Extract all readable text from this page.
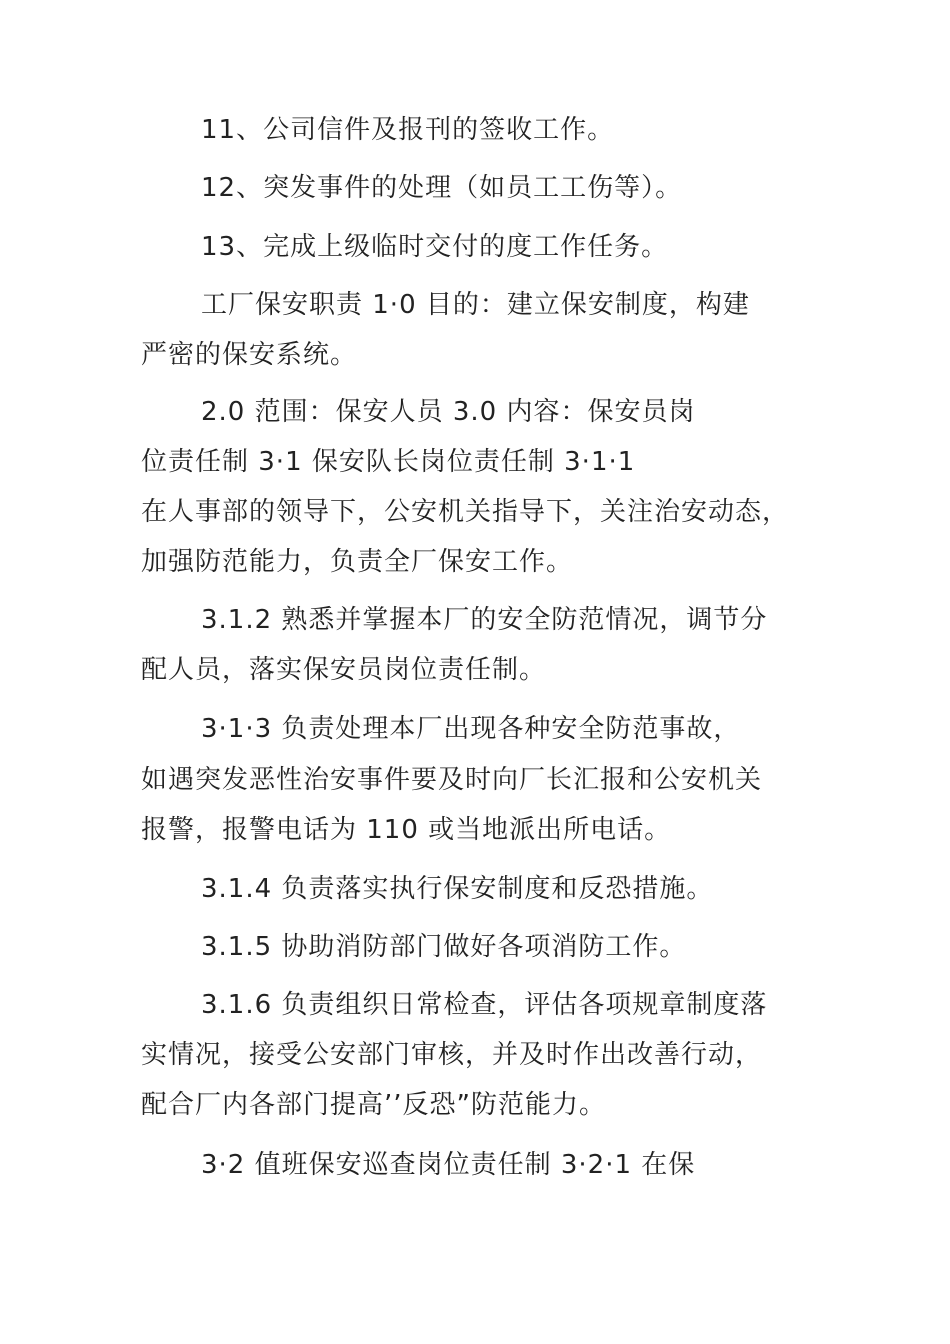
11、公司信件及报刊的签收工作。
12、突发事件的处理（如员工工伤等）。
13、完成上级临时交付的度工作任务。
工厂保安职责 1·0 目的：建立保安制度，构建
严密的保安系统。
2.0 范围：保安人员 3.0 内容：保安员岗
位责任制 3·1 保安队长岗位责任制 3·1·1
在人事部的领导下，公安机关指导下，关注治安动态，
加强防范能力，负责全厂保安工作。
3.1.2 熟悉并掌握本厂的安全防范情况，调节分
配人员，落实保安员岗位责任制。
3·1·3 负责处理本厂出现各种安全防范事故，
如遇突发恶性治安事件要及时向厂长汇报和公安机关
报警，报警电话为 110 或当地派出所电话。
3.1.4 负责落实执行保安制度和反恐措施。
3.1.5 协助消防部门做好各项消防工作。
3.1.6 负责组织日常检查，评估各项规章制度落
实情况，接受公安部门审核，并及时作出改善行动，
配合厂内各部门提高’’反恐”防范能力。
3·2 值班保安巡查岗位责任制 3·2·1 在保
